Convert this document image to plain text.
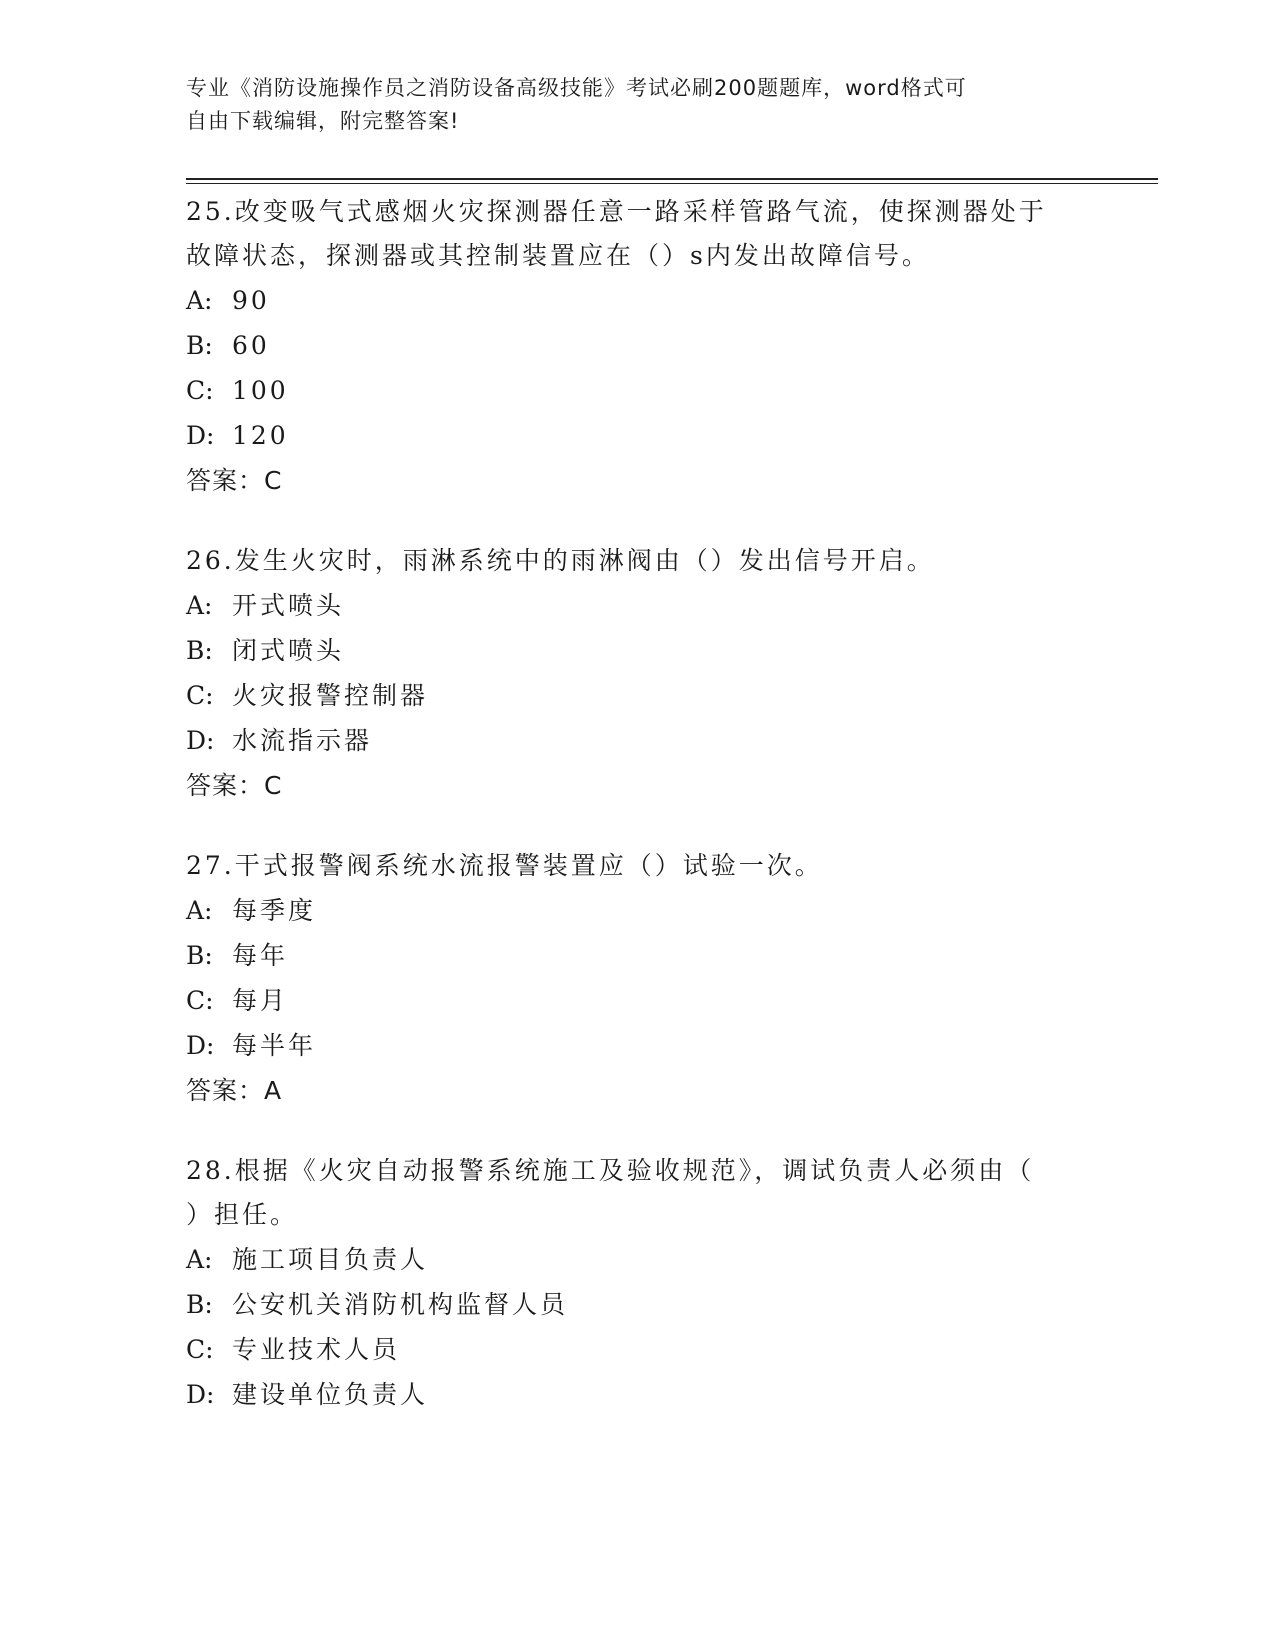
专业《消防设施操作员之消防设备高级技能》考试必刷200题题库，word格式可
自由下载编辑，附完整答案!

25.改变吸气式感烟火灾探测器任意一路采样管路气流，使探测器处于
故障状态，探测器或其控制装置应在（）s内发出故障信号。

A: 90
B: 60
C: 100
D: 120
答案：C

26.发生火灾时，雨淋系统中的雨淋阀由（）发出信号开启。

A: 开式喷头
B: 闭式喷头
C: 火灾报警控制器
D: 水流指示器
答案：C

27.干式报警阀系统水流报警装置应（）试验一次。

A: 每季度
B: 每年
C: 每月
D: 每半年
答案：A

28.根据《火灾自动报警系统施工及验收规范》，调试负责人必须由（
）担任。

A: 施工项目负责人
B: 公安机关消防机构监督人员
C: 专业技术人员
D: 建设单位负责人
